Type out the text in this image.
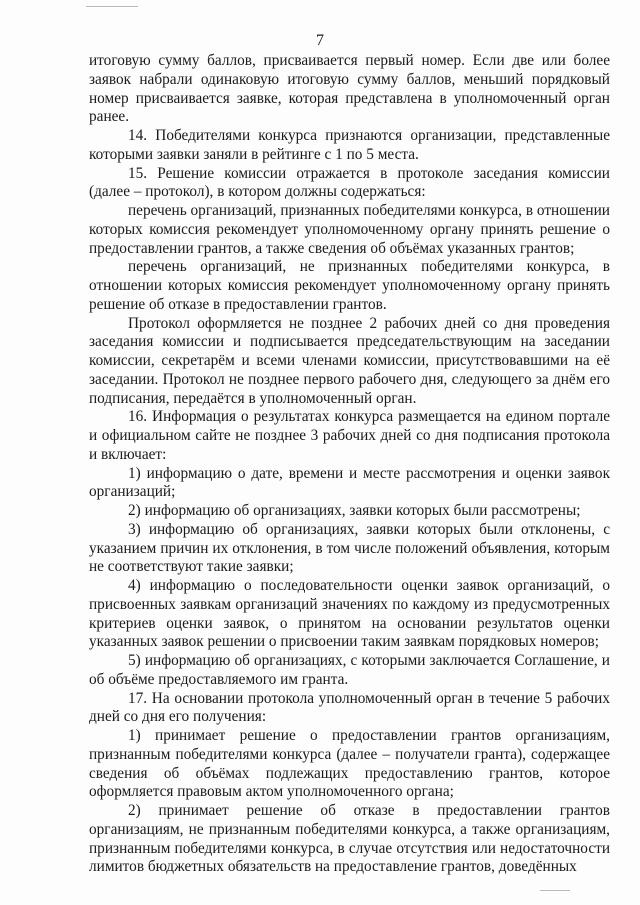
7

итоговую сумму баллов, присваивается первый номер. Если две или более заявок набрали одинаковую итоговую сумму баллов, меньший порядковый номер присваивается заявке, которая представлена в уполномоченный орган ранее.

14. Победителями конкурса признаются организации, представленные которыми заявки заняли в рейтинге с 1 по 5 места.

15. Решение комиссии отражается в протоколе заседания комиссии (далее – протокол), в котором должны содержаться:

перечень организаций, признанных победителями конкурса, в отношении которых комиссия рекомендует уполномоченному органу принять решение о предоставлении грантов, а также сведения об объёмах указанных грантов;

перечень организаций, не признанных победителями конкурса, в отношении которых комиссия рекомендует уполномоченному органу принять решение об отказе в предоставлении грантов.

Протокол оформляется не позднее 2 рабочих дней со дня проведения заседания комиссии и подписывается председательствующим на заседании комиссии, секретарём и всеми членами комиссии, присутствовавшими на её заседании. Протокол не позднее первого рабочего дня, следующего за днём его подписания, передаётся в уполномоченный орган.

16. Информация о результатах конкурса размещается на едином портале и официальном сайте не позднее 3 рабочих дней со дня подписания протокола и включает:

1) информацию о дате, времени и месте рассмотрения и оценки заявок организаций;

2) информацию об организациях, заявки которых были рассмотрены;

3) информацию об организациях, заявки которых были отклонены, с указанием причин их отклонения, в том числе положений объявления, которым не соответствуют такие заявки;

4) информацию о последовательности оценки заявок организаций, о присвоенных заявкам организаций значениях по каждому из предусмотренных критериев оценки заявок, о принятом на основании результатов оценки указанных заявок решении о присвоении таким заявкам порядковых номеров;

5) информацию об организациях, с которыми заключается Соглашение, и об объёме предоставляемого им гранта.

17. На основании протокола уполномоченный орган в течение 5 рабочих дней со дня его получения:

1) принимает решение о предоставлении грантов организациям, признанным победителями конкурса (далее – получатели гранта), содержащее сведения об объёмах подлежащих предоставлению грантов, которое оформляется правовым актом уполномоченного органа;

2) принимает решение об отказе в предоставлении грантов организациям, не признанным победителями конкурса, а также организациям, признанным победителями конкурса, в случае отсутствия или недостаточности лимитов бюджетных обязательств на предоставление грантов, доведённых
